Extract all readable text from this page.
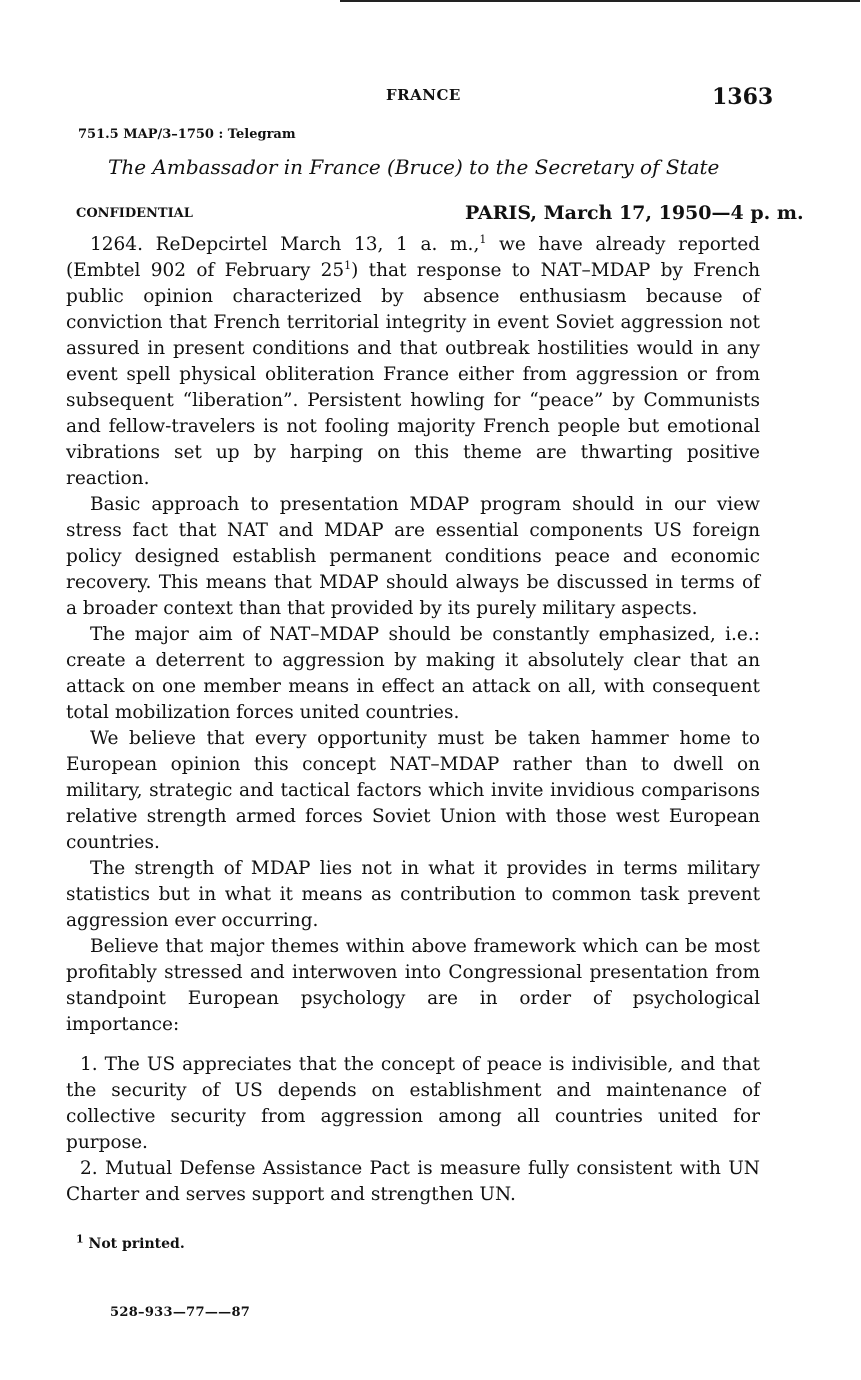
FRANCE	1363
751.5 MAP/3–1750 : Telegram
The Ambassador in France (Bruce) to the Secretary of State
CONFIDENTIAL	PARIS, March 17, 1950—4 p. m.

1264. ReDepcirtel March 13, 1 a. m.,$^1$ we have already reported (Embtel 902 of February $25^1$) that response to NAT–MDAP by French public opinion characterized by absence enthusiasm because of conviction that French territorial integrity in event Soviet aggression not assured in present conditions and that outbreak hostilities would in any event spell physical obliteration France either from aggression or from subsequent “liberation”. Persistent howling for “peace” by Communists and fellow-travelers is not fooling majority French people but emotional vibrations set up by harping on this theme are thwarting positive reaction.

Basic approach to presentation MDAP program should in our view stress fact that NAT and MDAP are essential components US foreign policy designed establish permanent conditions peace and economic recovery. This means that MDAP should always be discussed in terms of a broader context than that provided by its purely military aspects.

The major aim of NAT–MDAP should be constantly emphasized, i.e.: create a deterrent to aggression by making it absolutely clear that an attack on one member means in effect an attack on all, with consequent total mobilization forces united countries.

We believe that every opportunity must be taken hammer home to European opinion this concept NAT–MDAP rather than to dwell on military, strategic and tactical factors which invite invidious comparisons relative strength armed forces Soviet Union with those west European countries.

The strength of MDAP lies not in what it provides in terms military statistics but in what it means as contribution to common task prevent aggression ever occurring.

Believe that major themes within above framework which can be most profitably stressed and interwoven into Congressional presentation from standpoint European psychology are in order of psychological importance:

1. The US appreciates that the concept of peace is indivisible, and that the security of US depends on establishment and maintenance of collective security from aggression among all countries united for purpose.

2. Mutual Defense Assistance Pact is measure fully consistent with UN Charter and serves support and strengthen UN.

$^1$ Not printed.
528–933—77——87
